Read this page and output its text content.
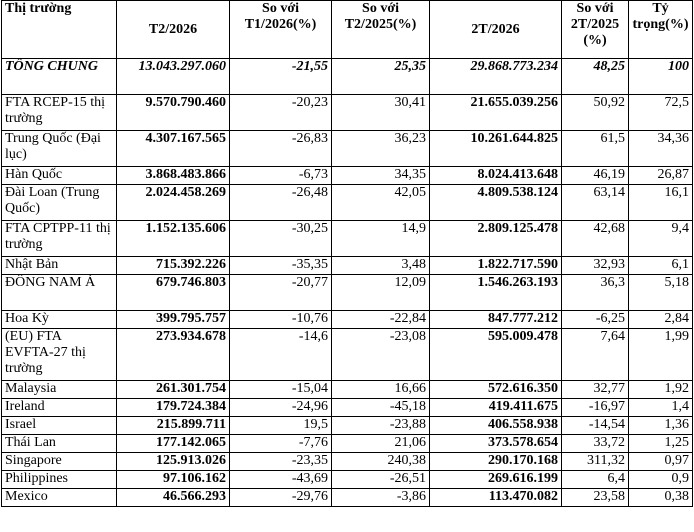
Thị trường	T2/2026	So với T1/2026(%)	So với T2/2025(%)	2T/2026	So với 2T/2025 (%)	Tỷ trọng(%)
TỔNG CHUNG	13.043.297.060	-21,55	25,35	29.868.773.234	48,25	100
FTA RCEP-15 thị trường	9.570.790.460	-20,23	30,41	21.655.039.256	50,92	72,5
Trung Quốc (Đại lục)	4.307.167.565	-26,83	36,23	10.261.644.825	61,5	34,36
Hàn Quốc	3.868.483.866	-6,73	34,35	8.024.413.648	46,19	26,87
Đài Loan (Trung Quốc)	2.024.458.269	-26,48	42,05	4.809.538.124	63,14	16,1
FTA CPTPP-11 thị trường	1.152.135.606	-30,25	14,9	2.809.125.478	42,68	9,4
Nhật Bản	715.392.226	-35,35	3,48	1.822.717.590	32,93	6,1
ĐÔNG NAM Á	679.746.803	-20,77	12,09	1.546.263.193	36,3	5,18
Hoa Kỳ	399.795.757	-10,76	-22,84	847.777.212	-6,25	2,84
(EU) FTA EVFTA-27 thị trường	273.934.678	-14,6	-23,08	595.009.478	7,64	1,99
Malaysia	261.301.754	-15,04	16,66	572.616.350	32,77	1,92
Ireland	179.724.384	-24,96	-45,18	419.411.675	-16,97	1,4
Israel	215.899.711	19,5	-23,88	406.558.938	-14,54	1,36
Thái Lan	177.142.065	-7,76	21,06	373.578.654	33,72	1,25
Singapore	125.913.026	-23,35	240,38	290.170.168	311,32	0,97
Philippines	97.106.162	-43,69	-26,51	269.616.199	6,4	0,9
Mexico	46.566.293	-29,76	-3,86	113.470.082	23,58	0,38
